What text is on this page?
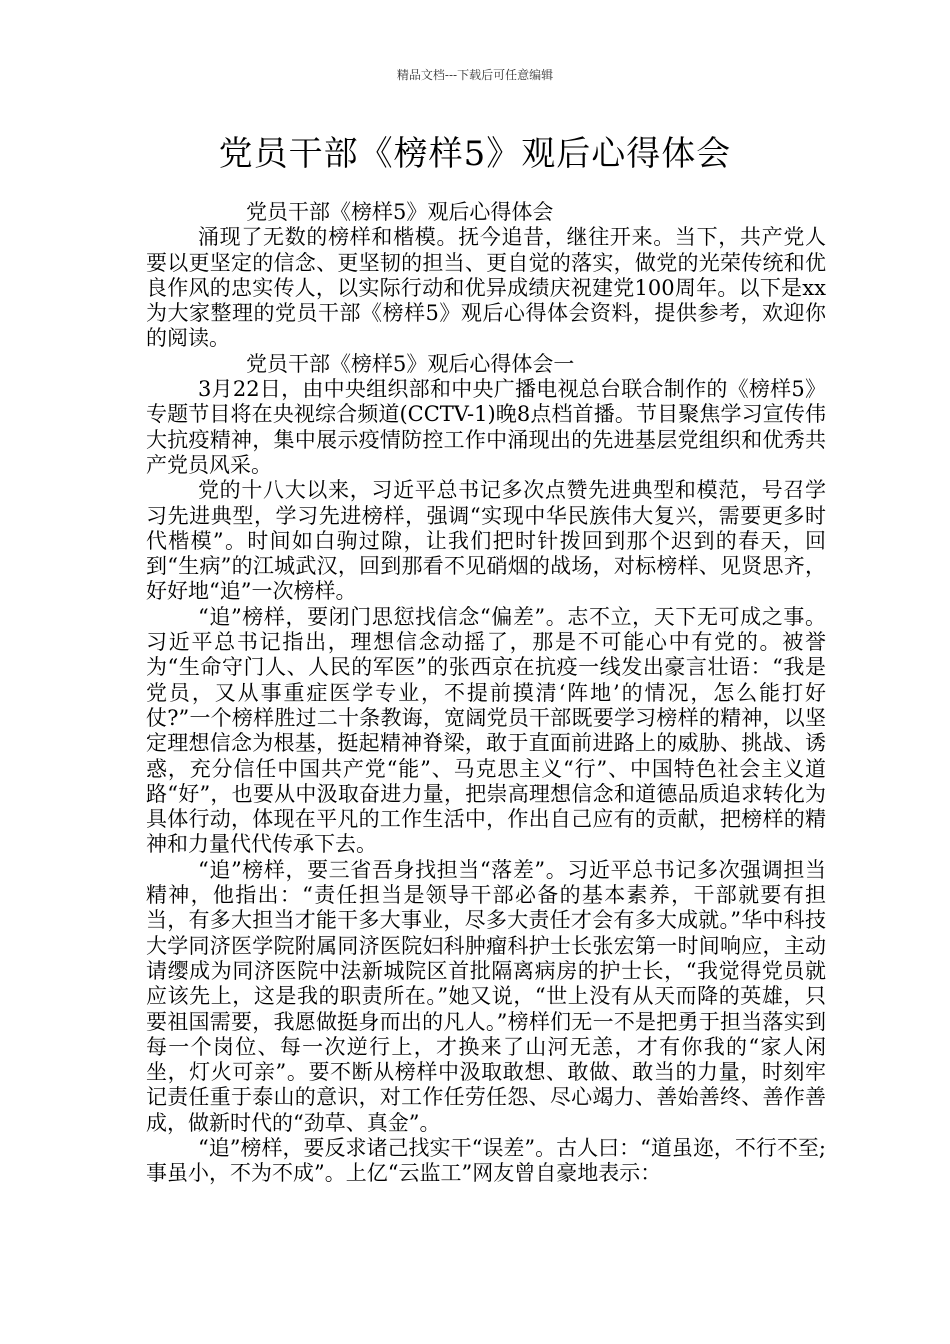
精品文档---下载后可任意编辑
党员干部《榜样5》观后心得体会

党员干部《榜样5》观后心得体会

涌现了无数的榜样和楷模。抚今追昔，继往开来。当下，共产党人要以更坚定的信念、更坚韧的担当、更自觉的落实，做党的光荣传统和优良作风的忠实传人，以实际行动和优异成绩庆祝建党100周年。以下是xx为大家整理的党员干部《榜样5》观后心得体会资料，提供参考，欢迎你的阅读。

党员干部《榜样5》观后心得体会一

3月22日，由中央组织部和中央广播电视总台联合制作的《榜样5》专题节目将在央视综合频道(CCTV-1)晚8点档首播。节目聚焦学习宣传伟大抗疫精神，集中展示疫情防控工作中涌现出的先进基层党组织和优秀共产党员风采。

党的十八大以来，习近平总书记多次点赞先进典型和模范，号召学习先进典型，学习先进榜样，强调“实现中华民族伟大复兴，需要更多时代楷模”。时间如白驹过隙，让我们把时针拨回到那个迟到的春天，回到“生病”的江城武汉，回到那看不见硝烟的战场，对标榜样、见贤思齐，好好地“追”一次榜样。

“追”榜样，要闭门思愆找信念“偏差”。志不立，天下无可成之事。习近平总书记指出，理想信念动摇了，那是不可能心中有党的。被誉为“生命守门人、人民的军医”的张西京在抗疫一线发出豪言壮语：“我是党员，又从事重症医学专业，不提前摸清‘阵地’的情况，怎么能打好仗?”一个榜样胜过二十条教诲，宽阔党员干部既要学习榜样的精神，以坚定理想信念为根基，挺起精神脊梁，敢于直面前进路上的威胁、挑战、诱惑，充分信任中国共产党“能”、马克思主义“行”、中国特色社会主义道路“好”，也要从中汲取奋进力量，把崇高理想信念和道德品质追求转化为具体行动，体现在平凡的工作生活中，作出自己应有的贡献，把榜样的精神和力量代代传承下去。

“追”榜样，要三省吾身找担当“落差”。习近平总书记多次强调担当精神，他指出：“责任担当是领导干部必备的基本素养，干部就要有担当，有多大担当才能干多大事业，尽多大责任才会有多大成就。”华中科技大学同济医学院附属同济医院妇科肿瘤科护士长张宏第一时间响应，主动请缨成为同济医院中法新城院区首批隔离病房的护士长，“我觉得党员就应该先上，这是我的职责所在。”她又说，“世上没有从天而降的英雄，只要祖国需要，我愿做挺身而出的凡人。”榜样们无一不是把勇于担当落实到每一个岗位、每一次逆行上，才换来了山河无恙，才有你我的“家人闲坐，灯火可亲”。要不断从榜样中汲取敢想、敢做、敢当的力量，时刻牢记责任重于泰山的意识，对工作任劳任怨、尽心竭力、善始善终、善作善成，做新时代的“劲草、真金”。

“追”榜样，要反求诸己找实干“误差”。古人曰：“道虽迩，不行不至;事虽小，不为不成”。上亿“云监工”网友曾自豪地表示：
